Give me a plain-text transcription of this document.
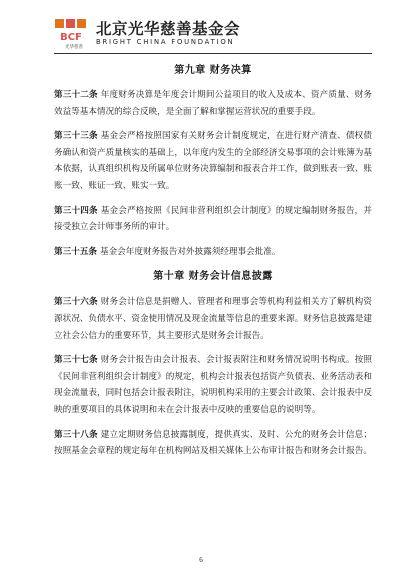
BCF
光华慈善
北京光华慈善基金会
BRIGHT CHINA FOUNDATION
第九章 财务决算

第三十二条 年度财务决算是年度会计期间公益项目的收入及成本、资产质量、财务效益等基本情况的综合反映，是全面了解和掌握运营状况的重要手段。

第三十三条 基金会严格按照国家有关财务会计制度规定，在进行财产清查、债权债务确认和资产质量核实的基础上，以年度内发生的全部经济交易事项的会计账簿为基本依据，认真组织机构及所属单位财务决算编制和报表合并工作，做到账表一致、账账一致、账证一致、账实一致。

第三十四条 基金会严格按照《民间非营利组织会计制度》的规定编制财务报告，并接受独立会计师事务所的审计。

第三十五条 基金会年度财务报告对外披露须经理事会批准。

第十章 财务会计信息披露

第三十六条 财务会计信息是捐赠人、管理者和理事会等机构利益相关方了解机构资源状况、负债水平、资金使用情况及现金流量等信息的重要来源。财务信息披露是建立社会公信力的重要环节，其主要形式是财务会计报告。

第三十七条 财务会计报告由会计报表、会计报表附注和财务情况说明书构成。按照《民间非营利组织会计制度》的规定，机构会计报表包括资产负债表、业务活动表和现金流量表，同时包括会计报表附注，说明机构采用的主要会计政策、会计报表中反映的重要项目的具体说明和未在会计报表中反映的重要信息的说明等。

第三十八条 建立定期财务信息披露制度，提供真实、及时、公允的财务会计信息；按照基金会章程的规定每年在机构网站及相关媒体上公布审计报告和财务会计报告。

6
